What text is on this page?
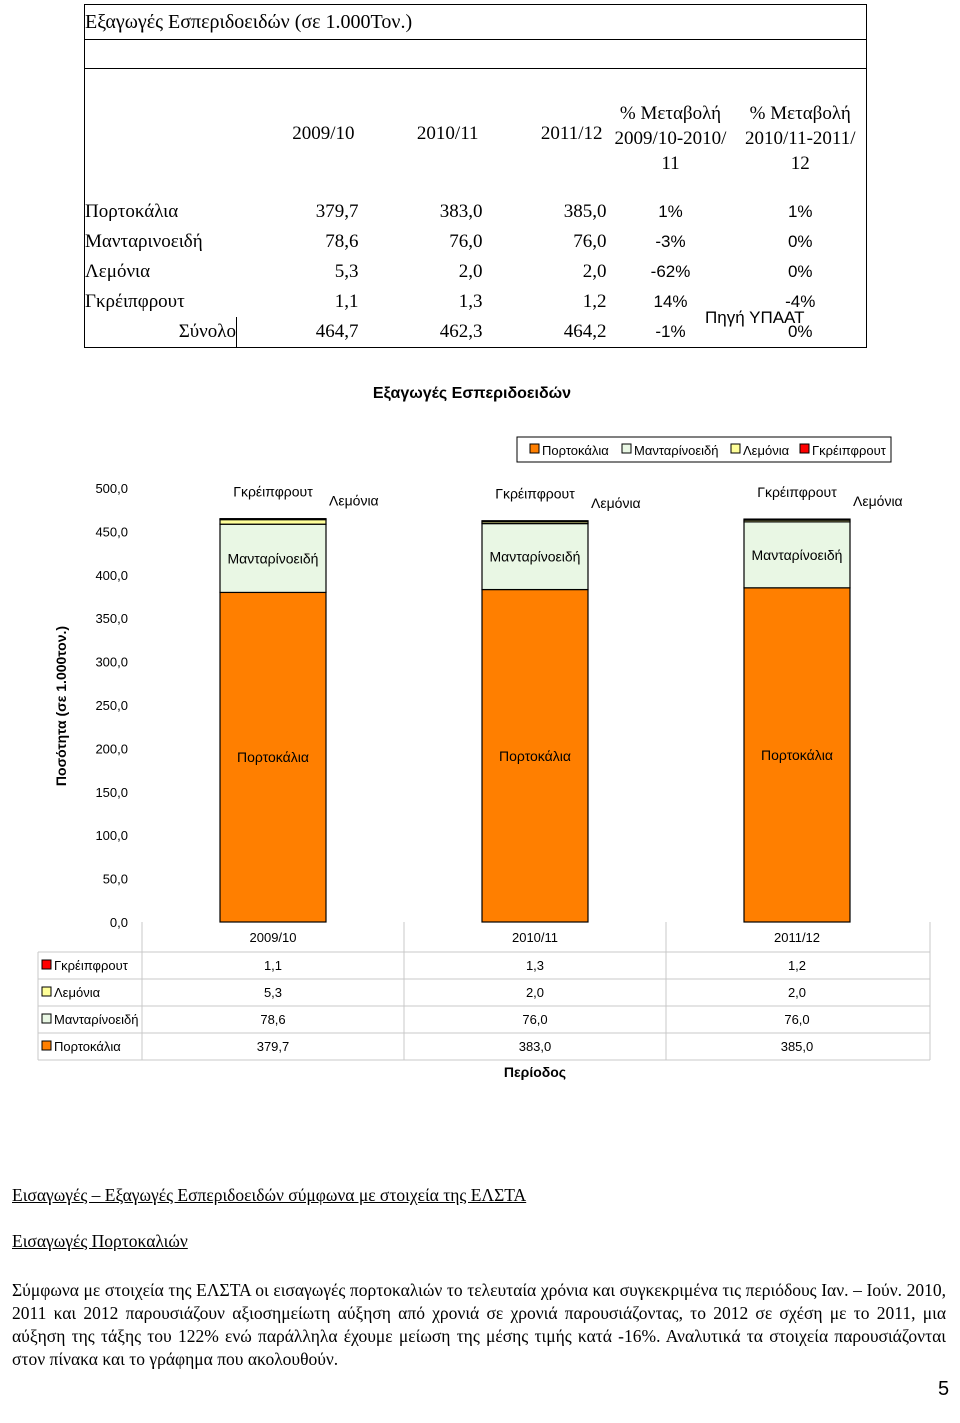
Εξαγωγές Εσπεριδοειδών (σε 1.000Τον.)					

	2009/10	2010/11	2011/12	% Μεταβολή 2009/10-2010/ 11	% Μεταβολή 2010/11-2011/ 12
Πορτοκάλια	379,7	383,0	385,0	1%	1%
Μανταρινοειδή	78,6	76,0	76,0	-3%	0%
Λεμόνια	5,3	2,0	2,0	-62%	0%
Γκρέιπφρουτ	1,1	1,3	1,2	14%	-4%
Σύνολο	464,7	462,3	464,2	-1%	0%
Πηγή ΥΠΑΑΤ
Εξαγωγές Εσπεριδοειδών
Ποσότητα (σε 1.000τον.)
Περίοδος
Πορτοκάλια Μανταρίνοειδή Λεμόνια Γκρέιπφρουτ
0,0
50,0
100,0
150,0
200,0
250,0
300,0
350,0
400,0
450,0
500,0
Πορτοκάλια
Μανταρίνοειδή
Λεμόνια
Γκρέιπφρουτ
Πορτοκάλια
Μανταρίνοειδή
Λεμόνια
Γκρέιπφρουτ
Πορτοκάλια
Μανταρίνοειδή
Λεμόνια
Γκρέιπφρουτ
2009/10	2010/11	2011/12
Γκρέιπφρουτ	1,1	1,3	1,2
Λεμόνια	5,3	2,0	2,0
Μανταρίνοειδή	78,6	76,0	76,0
Πορτοκάλια	379,7	383,0	385,0
Εισαγωγές – Εξαγωγές Εσπεριδοειδών σύμφωνα με στοιχεία της ΕΛΣΤΑ
Εισαγωγές Πορτοκαλιών
Σύμφωνα με στοιχεία της ΕΛΣΤΑ οι εισαγωγές πορτοκαλιών το τελευταία χρόνια και συγκεκριμένα τις περιόδους Ιαν. – Ιούν. 2010, 2011 και 2012 παρουσιάζουν αξιοσημείωτη αύξηση από χρονιά σε χρονιά παρουσιάζοντας, το 2012 σε σχέση με το 2011, μια αύξηση της τάξης του 122% ενώ παράλληλα έχουμε μείωση της μέσης τιμής κατά -16%. Αναλυτικά τα στοιχεία παρουσιάζονται στον πίνακα και το γράφημα που ακολουθούν.
5
